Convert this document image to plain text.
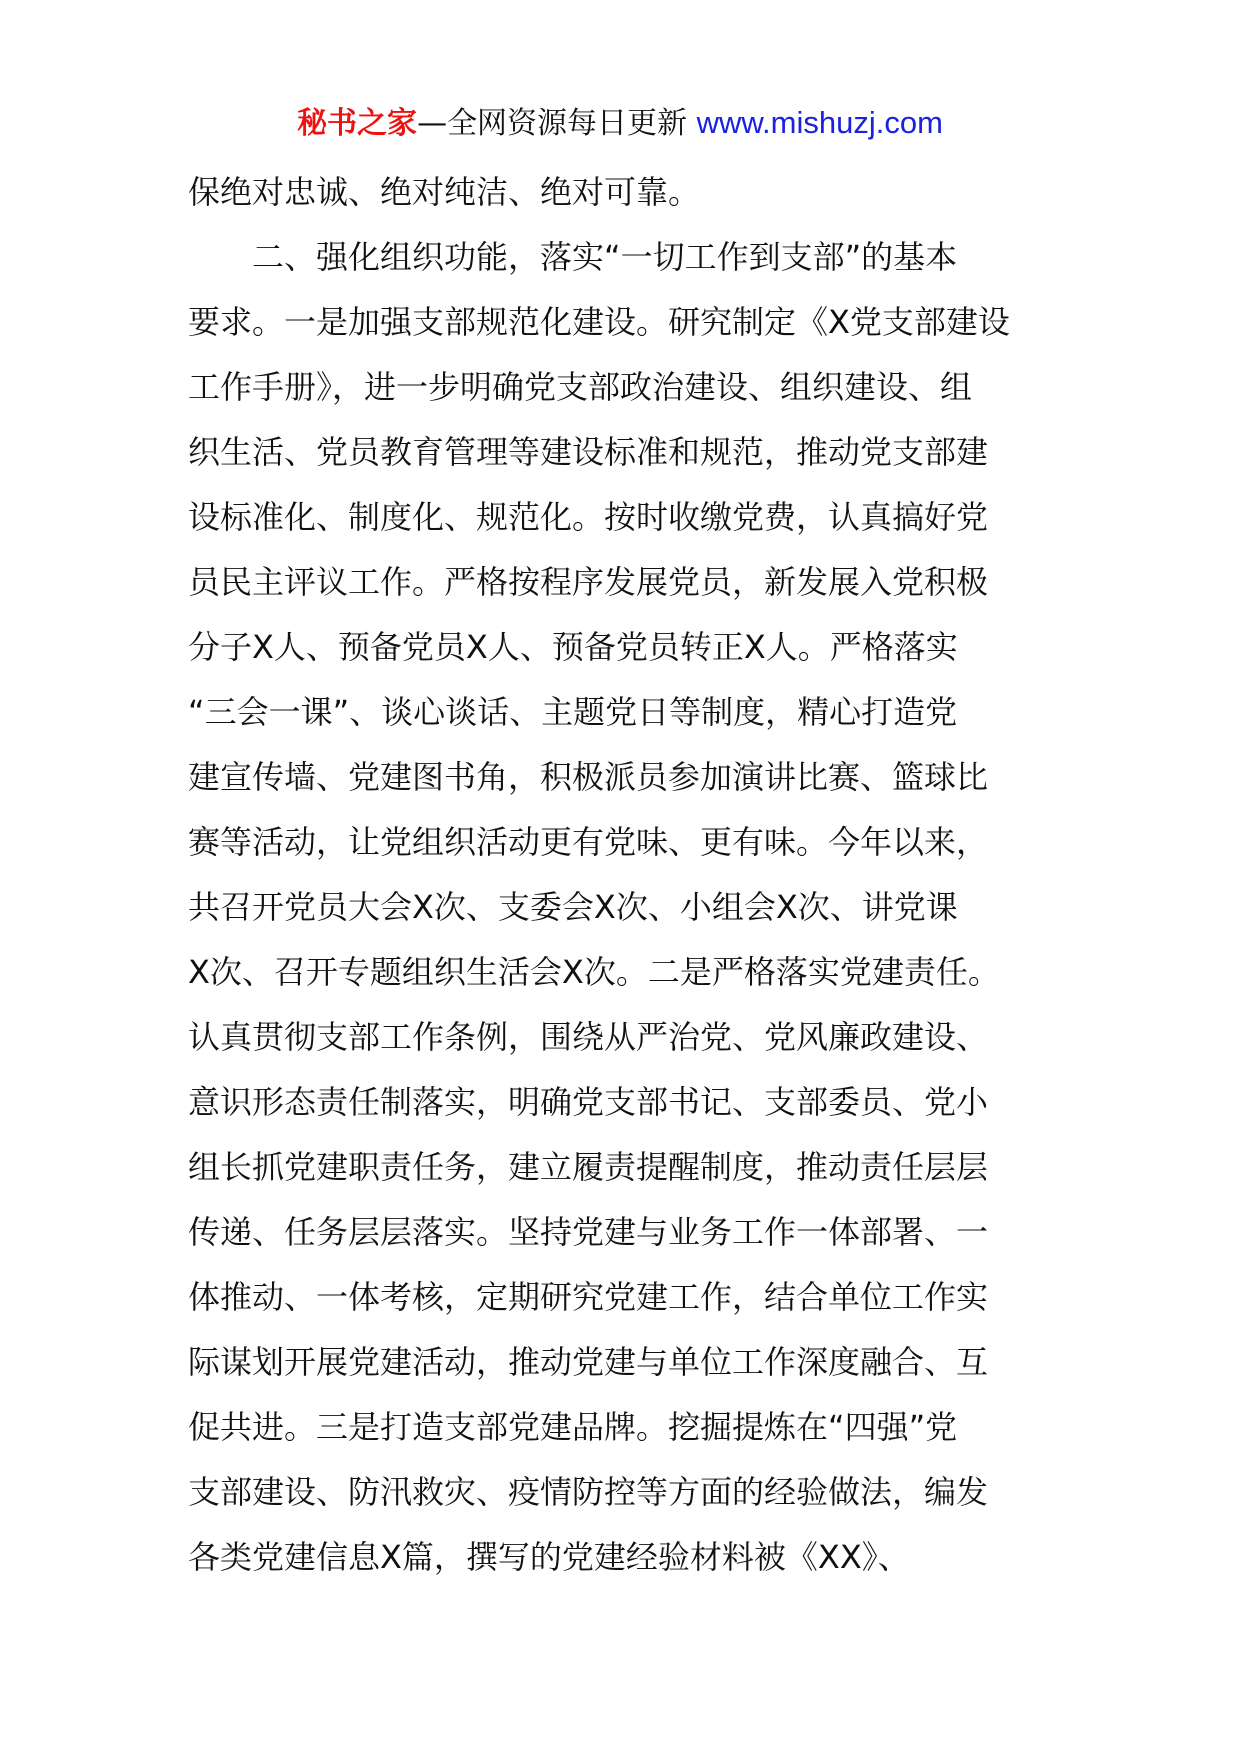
秘书之家—全网资源每日更新 www.mishuzj.com
保绝对忠诚、绝对纯洁、绝对可靠。
二、强化组织功能，落实“一切工作到支部”的基本
要求。一是加强支部规范化建设。研究制定《X党支部建设
工作手册》，进一步明确党支部政治建设、组织建设、组
织生活、党员教育管理等建设标准和规范，推动党支部建
设标准化、制度化、规范化。按时收缴党费，认真搞好党
员民主评议工作。严格按程序发展党员，新发展入党积极
分子X人、预备党员X人、预备党员转正X人。严格落实
“三会一课”、谈心谈话、主题党日等制度，精心打造党
建宣传墙、党建图书角，积极派员参加演讲比赛、篮球比
赛等活动，让党组织活动更有党味、更有味。今年以来，
共召开党员大会X次、支委会X次、小组会X次、讲党课
X次、召开专题组织生活会X次。二是严格落实党建责任。
认真贯彻支部工作条例，围绕从严治党、党风廉政建设、
意识形态责任制落实，明确党支部书记、支部委员、党小
组长抓党建职责任务，建立履责提醒制度，推动责任层层
传递、任务层层落实。坚持党建与业务工作一体部署、一
体推动、一体考核，定期研究党建工作，结合单位工作实
际谋划开展党建活动，推动党建与单位工作深度融合、互
促共进。三是打造支部党建品牌。挖掘提炼在“四强”党
支部建设、防汛救灾、疫情防控等方面的经验做法，编发
各类党建信息X篇，撰写的党建经验材料被《XX》、
